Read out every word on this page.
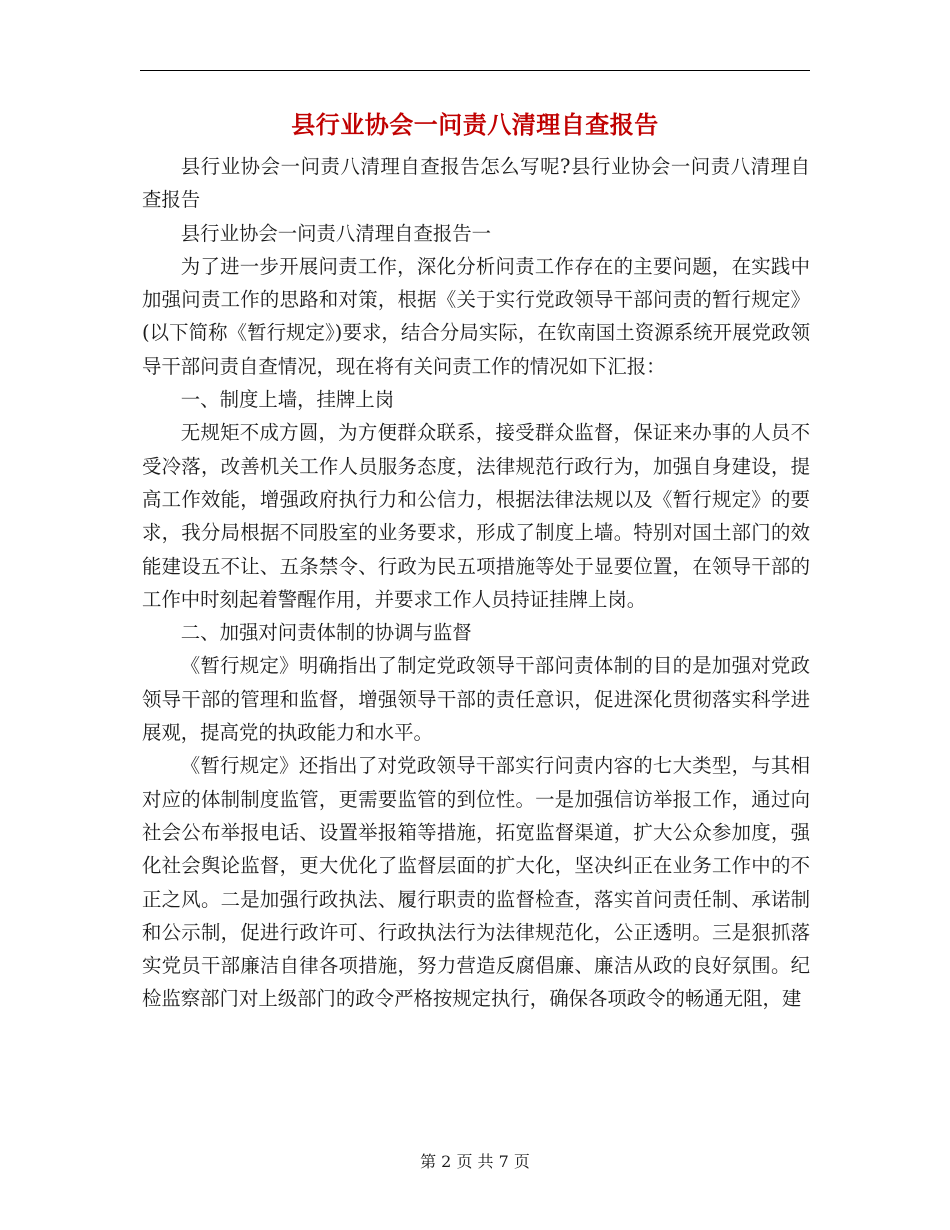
县行业协会一问责八清理自查报告

县行业协会一问责八清理自查报告怎么写呢?县行业协会一问责八清理自查报告

县行业协会一问责八清理自查报告一

为了进一步开展问责工作，深化分析问责工作存在的主要问题，在实践中加强问责工作的思路和对策，根据《关于实行党政领导干部问责的暂行规定》(以下简称《暂行规定》)要求，结合分局实际，在钦南国土资源系统开展党政领导干部问责自查情况，现在将有关问责工作的情况如下汇报：

一、制度上墙，挂牌上岗

无规矩不成方圆，为方便群众联系，接受群众监督，保证来办事的人员不受冷落，改善机关工作人员服务态度，法律规范行政行为，加强自身建设，提高工作效能，增强政府执行力和公信力，根据法律法规以及《暂行规定》的要求，我分局根据不同股室的业务要求，形成了制度上墙。特别对国土部门的效能建设五不让、五条禁令、行政为民五项措施等处于显要位置，在领导干部的工作中时刻起着警醒作用，并要求工作人员持证挂牌上岗。

二、加强对问责体制的协调与监督

《暂行规定》明确指出了制定党政领导干部问责体制的目的是加强对党政领导干部的管理和监督，增强领导干部的责任意识，促进深化贯彻落实科学进展观，提高党的执政能力和水平。

《暂行规定》还指出了对党政领导干部实行问责内容的七大类型，与其相对应的体制制度监管，更需要监管的到位性。一是加强信访举报工作，通过向社会公布举报电话、设置举报箱等措施，拓宽监督渠道，扩大公众参加度，强化社会舆论监督，更大优化了监督层面的扩大化，坚决纠正在业务工作中的不正之风。二是加强行政执法、履行职责的监督检查，落实首问责任制、承诺制和公示制，促进行政许可、行政执法行为法律规范化，公正透明。三是狠抓落实党员干部廉洁自律各项措施，努力营造反腐倡廉、廉洁从政的良好氛围。纪检监察部门对上级部门的政令严格按规定执行，确保各项政令的畅通无阻，建

第 2 页 共 7 页
